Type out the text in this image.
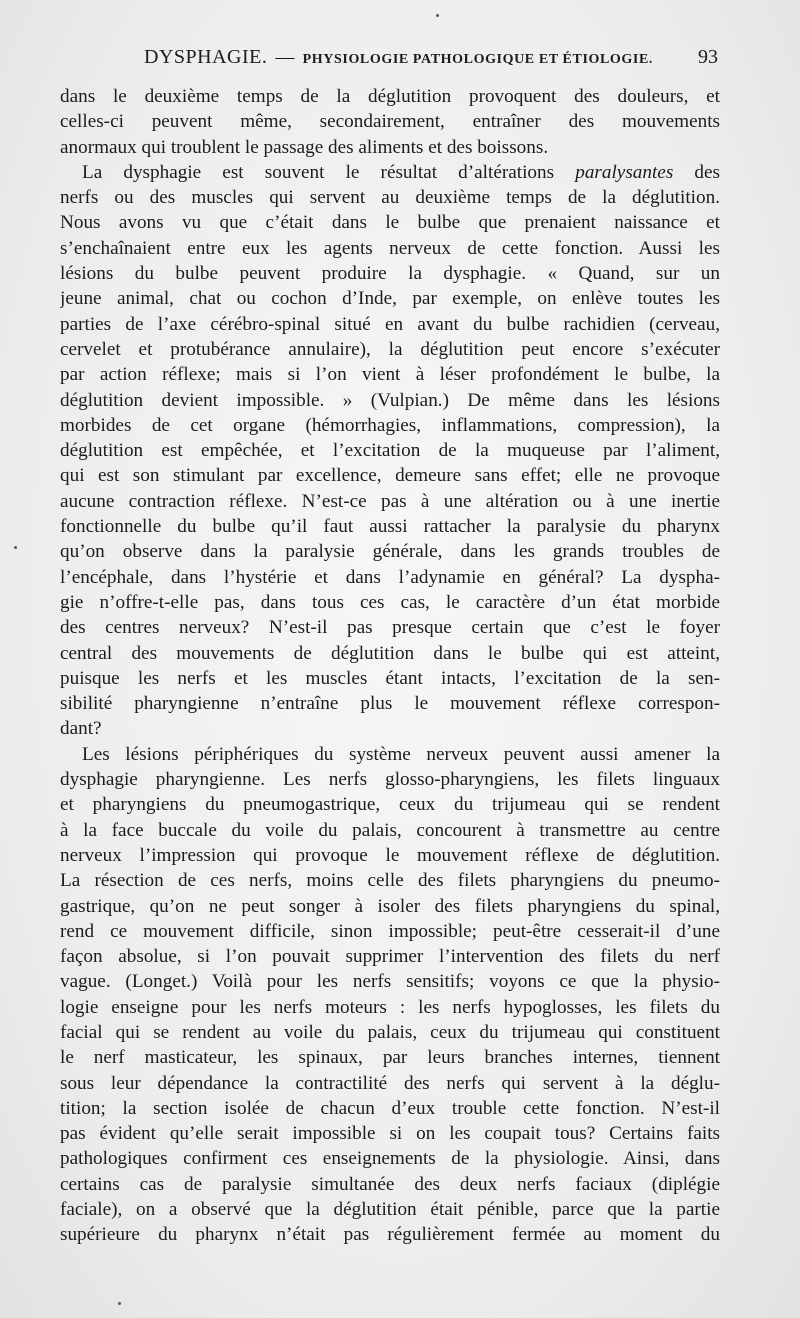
DYSPHAGIE. — PHYSIOLOGIE PATHOLOGIQUE ET ÉTIOLOGIE. 93
dans le deuxième temps de la déglutition provoquent des douleurs, et
celles-ci peuvent même, secondairement, entraîner des mouvements
anormaux qui troublent le passage des aliments et des boissons.
La dysphagie est souvent le résultat d’altérations paralysantes des
nerfs ou des muscles qui servent au deuxième temps de la déglutition.
Nous avons vu que c’était dans le bulbe que prenaient naissance et
s’enchaînaient entre eux les agents nerveux de cette fonction. Aussi les
lésions du bulbe peuvent produire la dysphagie. « Quand, sur un
jeune animal, chat ou cochon d’Inde, par exemple, on enlève toutes les
parties de l’axe cérébro-spinal situé en avant du bulbe rachidien (cerveau,
cervelet et protubérance annulaire), la déglutition peut encore s’exécuter
par action réflexe; mais si l’on vient à léser profondément le bulbe, la
déglutition devient impossible. » (Vulpian.) De même dans les lésions
morbides de cet organe (hémorrhagies, inflammations, compression), la
déglutition est empêchée, et l’excitation de la muqueuse par l’aliment,
qui est son stimulant par excellence, demeure sans effet; elle ne provoque
aucune contraction réflexe. N’est-ce pas à une altération ou à une inertie
fonctionnelle du bulbe qu’il faut aussi rattacher la paralysie du pharynx
qu’on observe dans la paralysie générale, dans les grands troubles de
l’encéphale, dans l’hystérie et dans l’adynamie en général? La dyspha-
gie n’offre-t-elle pas, dans tous ces cas, le caractère d’un état morbide
des centres nerveux? N’est-il pas presque certain que c’est le foyer
central des mouvements de déglutition dans le bulbe qui est atteint,
puisque les nerfs et les muscles étant intacts, l’excitation de la sen-
sibilité pharyngienne n’entraîne plus le mouvement réflexe correspon-
dant?
Les lésions périphériques du système nerveux peuvent aussi amener la
dysphagie pharyngienne. Les nerfs glosso-pharyngiens, les filets linguaux
et pharyngiens du pneumogastrique, ceux du trijumeau qui se rendent
à la face buccale du voile du palais, concourent à transmettre au centre
nerveux l’impression qui provoque le mouvement réflexe de déglutition.
La résection de ces nerfs, moins celle des filets pharyngiens du pneumo-
gastrique, qu’on ne peut songer à isoler des filets pharyngiens du spinal,
rend ce mouvement difficile, sinon impossible; peut-être cesserait-il d’une
façon absolue, si l’on pouvait supprimer l’intervention des filets du nerf
vague. (Longet.) Voilà pour les nerfs sensitifs; voyons ce que la physio-
logie enseigne pour les nerfs moteurs : les nerfs hypoglosses, les filets du
facial qui se rendent au voile du palais, ceux du trijumeau qui constituent
le nerf masticateur, les spinaux, par leurs branches internes, tiennent
sous leur dépendance la contractilité des nerfs qui servent à la déglu-
tition; la section isolée de chacun d’eux trouble cette fonction. N’est-il
pas évident qu’elle serait impossible si on les coupait tous? Certains faits
pathologiques confirment ces enseignements de la physiologie. Ainsi, dans
certains cas de paralysie simultanée des deux nerfs faciaux (diplégie
faciale), on a observé que la déglutition était pénible, parce que la partie
supérieure du pharynx n’était pas régulièrement fermée au moment du
